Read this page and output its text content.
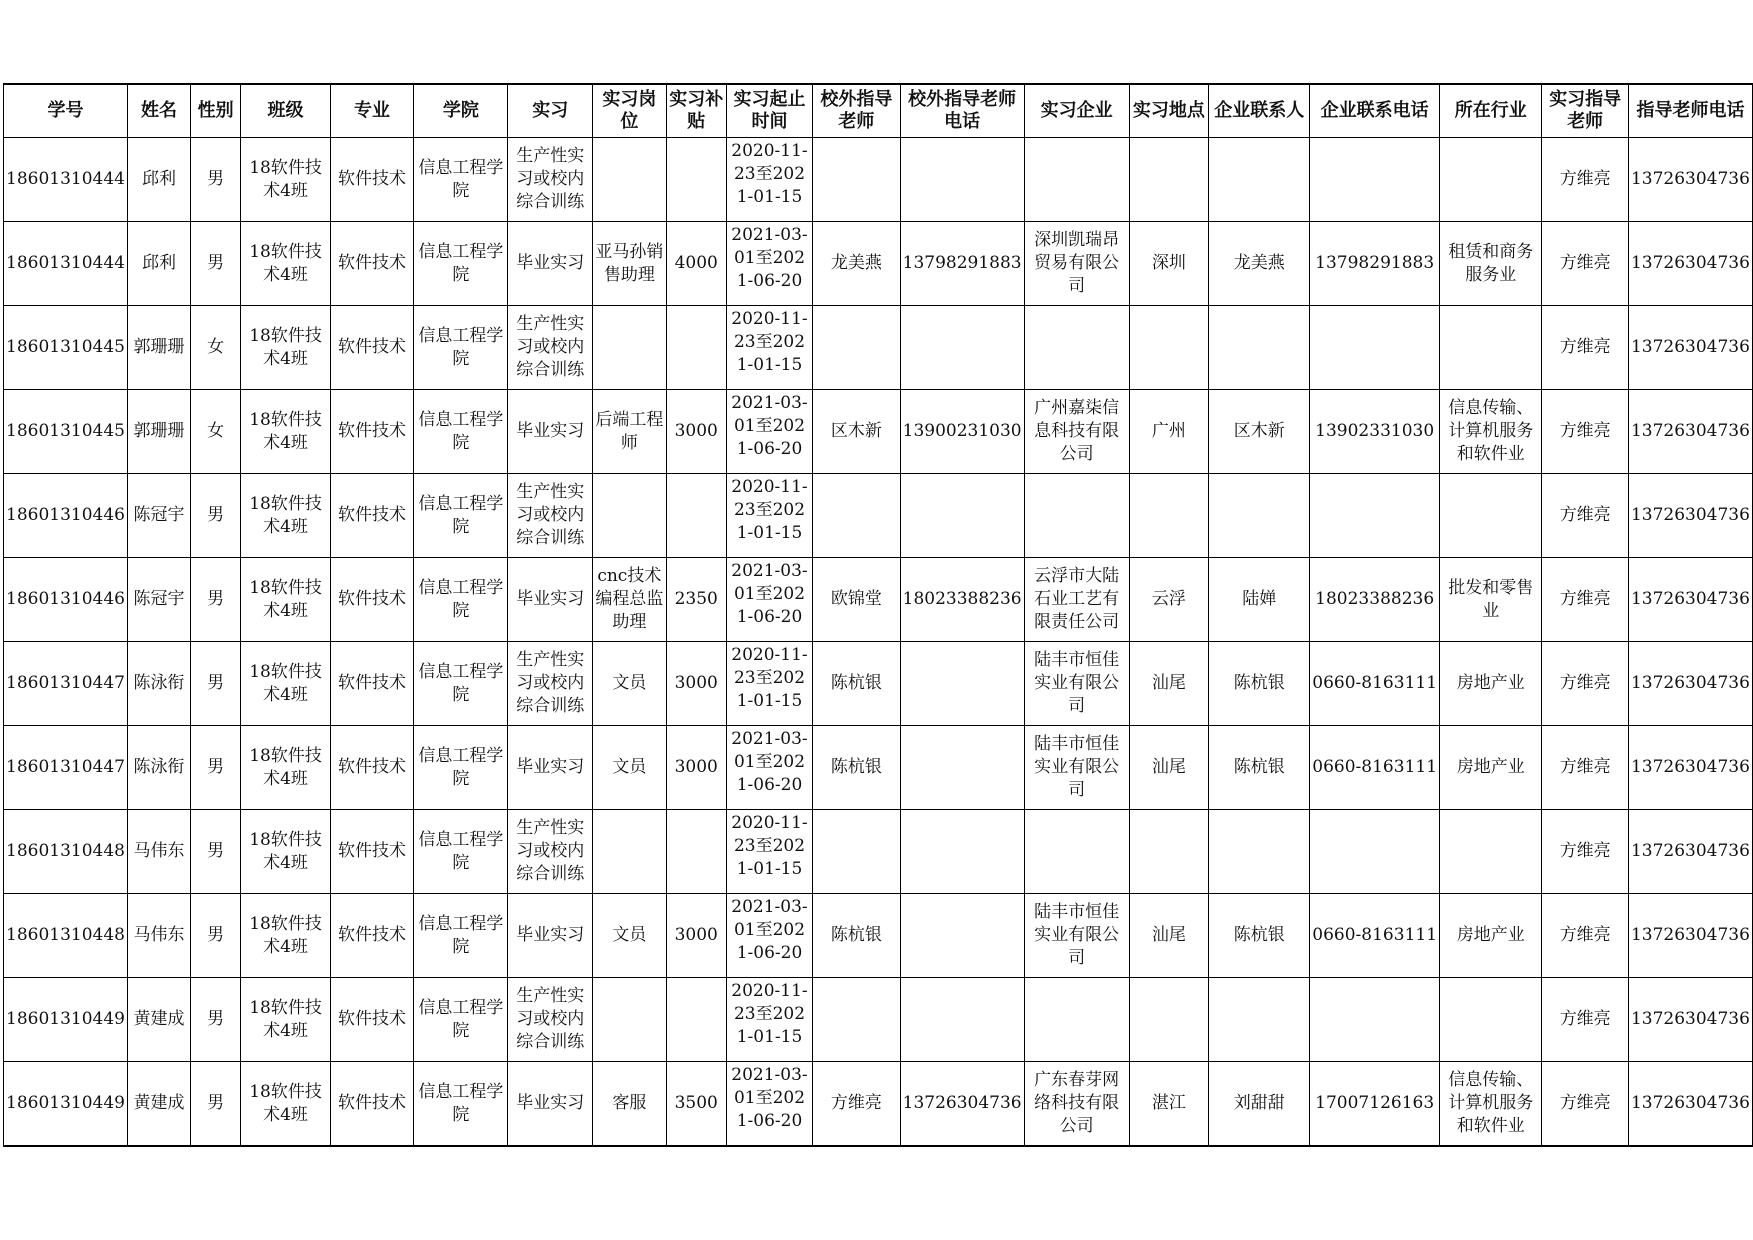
学号	姓名	性别	班级	专业	学院	实习	实习岗位	实习补贴	实习起止时间	校外指导老师	校外指导老师电话	实习企业	实习地点	企业联系人	企业联系电话	所在行业	实习指导老师	指导老师电话
18601310444	邱利	男	18软件技术4班	软件技术	信息工程学院	生产性实习或校内综合训练			2020-11-23至2021-01-15								方维亮	13726304736
18601310444	邱利	男	18软件技术4班	软件技术	信息工程学院	毕业实习	亚马孙销售助理	4000	2021-03-01至2021-06-20	龙美燕	13798291883	深圳凯瑞昂贸易有限公司	深圳	龙美燕	13798291883	租赁和商务服务业	方维亮	13726304736
18601310445	郭珊珊	女	18软件技术4班	软件技术	信息工程学院	生产性实习或校内综合训练			2020-11-23至2021-01-15								方维亮	13726304736
18601310445	郭珊珊	女	18软件技术4班	软件技术	信息工程学院	毕业实习	后端工程师	3000	2021-03-01至2021-06-20	区木新	13900231030	广州嘉柒信息科技有限公司	广州	区木新	13902331030	信息传输、计算机服务和软件业	方维亮	13726304736
18601310446	陈冠宇	男	18软件技术4班	软件技术	信息工程学院	生产性实习或校内综合训练			2020-11-23至2021-01-15								方维亮	13726304736
18601310446	陈冠宇	男	18软件技术4班	软件技术	信息工程学院	毕业实习	cnc技术编程总监助理	2350	2021-03-01至2021-06-20	欧锦堂	18023388236	云浮市大陆石业工艺有限责任公司	云浮	陆婵	18023388236	批发和零售业	方维亮	13726304736
18601310447	陈泳衔	男	18软件技术4班	软件技术	信息工程学院	生产性实习或校内综合训练	文员	3000	2020-11-23至2021-01-15	陈杭银		陆丰市恒佳实业有限公司	汕尾	陈杭银	0660-8163111	房地产业	方维亮	13726304736
18601310447	陈泳衔	男	18软件技术4班	软件技术	信息工程学院	毕业实习	文员	3000	2021-03-01至2021-06-20	陈杭银		陆丰市恒佳实业有限公司	汕尾	陈杭银	0660-8163111	房地产业	方维亮	13726304736
18601310448	马伟东	男	18软件技术4班	软件技术	信息工程学院	生产性实习或校内综合训练			2020-11-23至2021-01-15								方维亮	13726304736
18601310448	马伟东	男	18软件技术4班	软件技术	信息工程学院	毕业实习	文员	3000	2021-03-01至2021-06-20	陈杭银		陆丰市恒佳实业有限公司	汕尾	陈杭银	0660-8163111	房地产业	方维亮	13726304736
18601310449	黄建成	男	18软件技术4班	软件技术	信息工程学院	生产性实习或校内综合训练			2020-11-23至2021-01-15								方维亮	13726304736
18601310449	黄建成	男	18软件技术4班	软件技术	信息工程学院	毕业实习	客服	3500	2021-03-01至2021-06-20	方维亮	13726304736	广东春芽网络科技有限公司	湛江	刘甜甜	17007126163	信息传输、计算机服务和软件业	方维亮	13726304736
